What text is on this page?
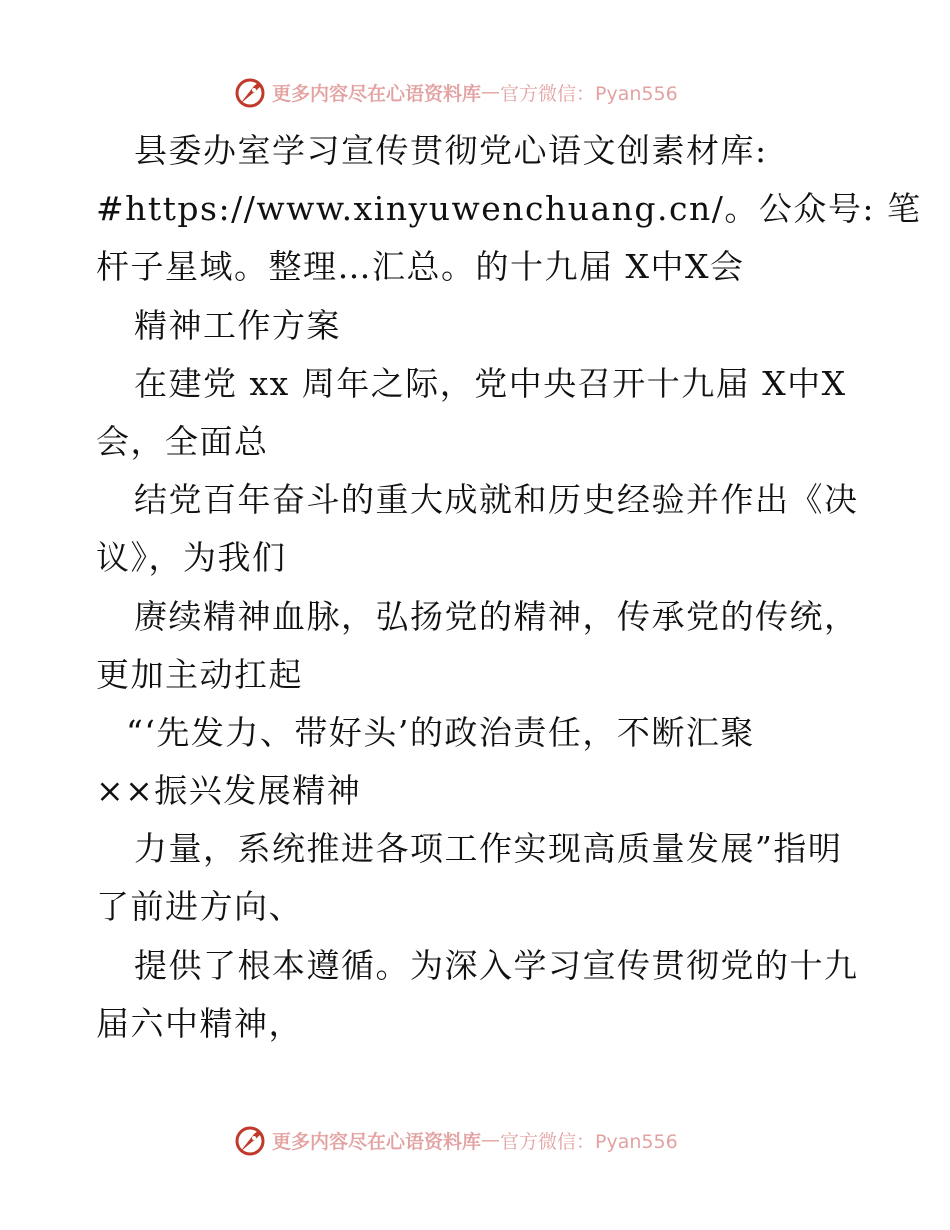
更多内容尽在心语资料库 — 官方微信：Pyan556
县委办室学习宣传贯彻党心语文创素材库:
#https://www.xinyuwenchuang.cn/。公众号: 笔
杆子星域。整理…汇总。的十九届 X中X会
精神工作方案
在建党 xx 周年之际，党中央召开十九届 X中X
会，全面总
结党百年奋斗的重大成就和历史经验并作出《决
议》，为我们
赓续精神血脉，弘扬党的精神，传承党的传统，
更加主动扛起
“‘先发力、带好头’的政治责任，不断汇聚
××振兴发展精神
力量，系统推进各项工作实现高质量发展”指明
了前进方向、
提供了根本遵循。为深入学习宣传贯彻党的十九
届六中精神，
更多内容尽在心语资料库 — 官方微信：Pyan556
